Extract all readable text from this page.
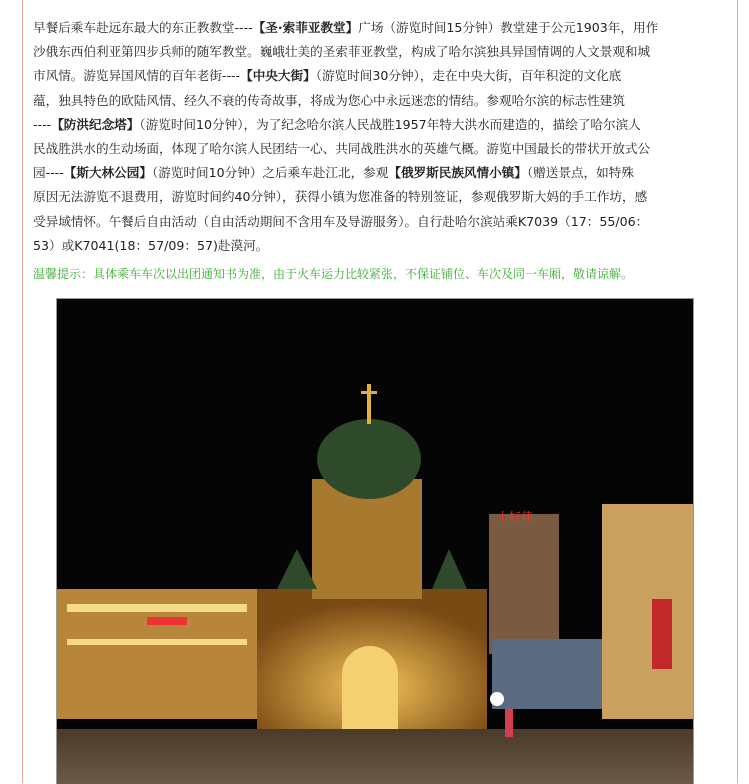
早餐后乘车赴远东最大的东正教教堂----【圣·索菲亚教堂】广场（游览时间15分钟）教堂建于公元1903年，用作
沙俄东西伯利亚第四步兵师的随军教堂。巍峨壮美的圣索菲亚教堂，构成了哈尔滨独具异国情调的人文景观和城
市风情。游览异国风情的百年老街----【中央大街】（游览时间30分钟），走在中央大街，百年积淀的文化底
蕴，独具特色的欧陆风情、经久不衰的传奇故事，将成为您心中永远迷恋的情结。参观哈尔滨的标志性建筑
----【防洪纪念塔】（游览时间10分钟），为了纪念哈尔滨人民战胜1957年特大洪水而建造的，描绘了哈尔滨人
民战胜洪水的生动场面，体现了哈尔滨人民团结一心、共同战胜洪水的英雄气概。游览中国最长的带状开放式公
园----【斯大林公园】（游览时间10分钟）之后乘车赴江北，参观【俄罗斯民族风情小镇】（赠送景点，如特殊
原因无法游览不退费用，游览时间约40分钟），获得小镇为您准备的特别签证，参观俄罗斯大妈的手工作坊，感
受异域情怀。午餐后自由活动（自由活动期间不含用车及导游服务）。自行赴哈尔滨站乘K7039（17：55/06：
53）或K7041(18：57/09：57)赴漠河。
温馨提示：具体乘车车次以出团通知书为准，由于火车运力比较紧张，不保证铺位、车次及同一车厢，敬请谅解。
上好佳
